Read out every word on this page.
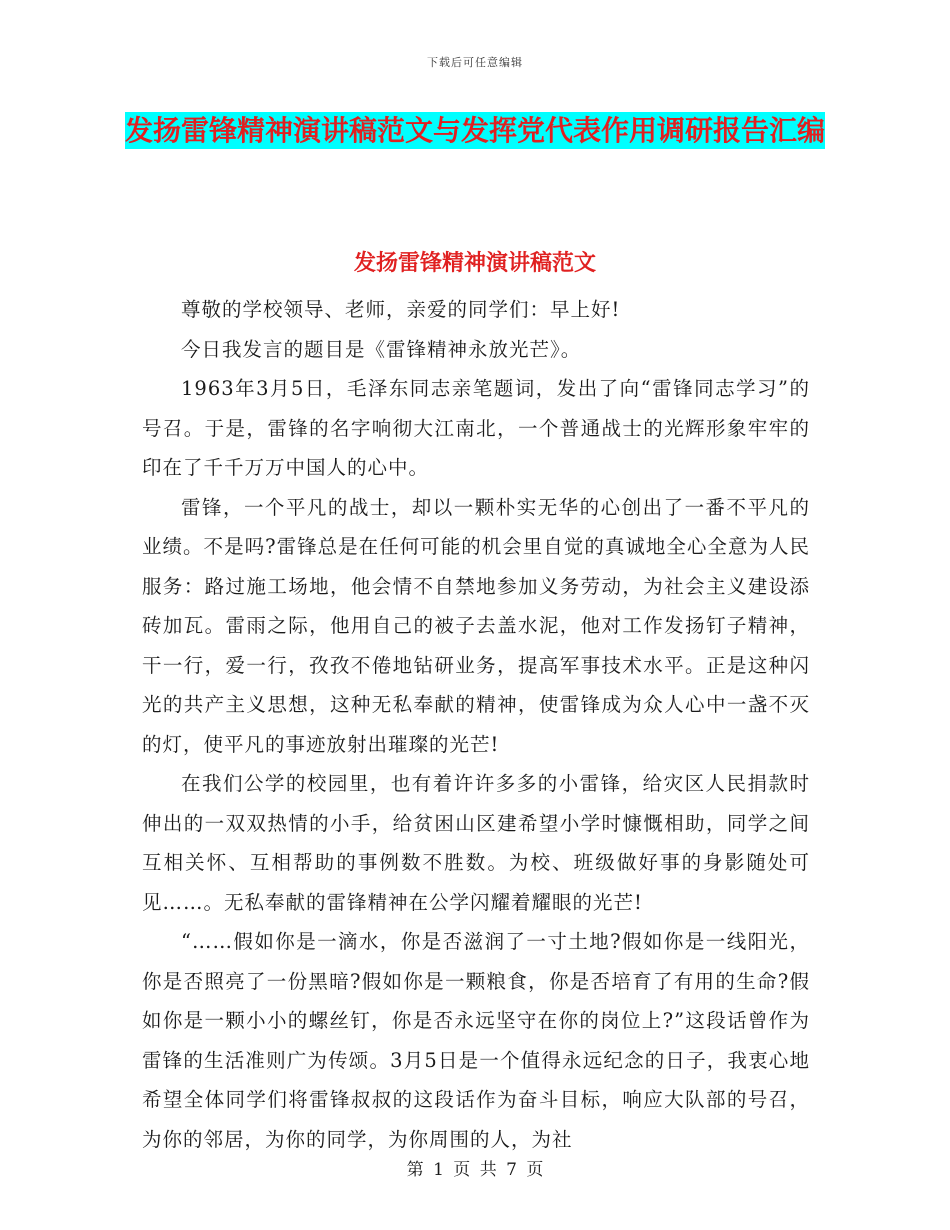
下载后可任意编辑
发扬雷锋精神演讲稿范文与发挥党代表作用调研报告汇编
发扬雷锋精神演讲稿范文

尊敬的学校领导、老师，亲爱的同学们：早上好!

今日我发言的题目是《雷锋精神永放光芒》。

1963年3月5日，毛泽东同志亲笔题词，发出了向“雷锋同志学习”的号召。于是，雷锋的名字响彻大江南北，一个普通战士的光辉形象牢牢的印在了千千万万中国人的心中。

雷锋，一个平凡的战士，却以一颗朴实无华的心创出了一番不平凡的业绩。不是吗?雷锋总是在任何可能的机会里自觉的真诚地全心全意为人民服务：路过施工场地，他会情不自禁地参加义务劳动，为社会主义建设添砖加瓦。雷雨之际，他用自己的被子去盖水泥，他对工作发扬钉子精神，干一行，爱一行，孜孜不倦地钻研业务，提高军事技术水平。正是这种闪光的共产主义思想，这种无私奉献的精神，使雷锋成为众人心中一盏不灭的灯，使平凡的事迹放射出璀璨的光芒!

在我们公学的校园里，也有着许许多多的小雷锋，给灾区人民捐款时伸出的一双双热情的小手，给贫困山区建希望小学时慷慨相助，同学之间互相关怀、互相帮助的事例数不胜数。为校、班级做好事的身影随处可见……。无私奉献的雷锋精神在公学闪耀着耀眼的光芒!

“……假如你是一滴水，你是否滋润了一寸土地?假如你是一线阳光，你是否照亮了一份黑暗?假如你是一颗粮食，你是否培育了有用的生命?假如你是一颗小小的螺丝钉，你是否永远坚守在你的岗位上?”这段话曾作为雷锋的生活准则广为传颂。3月5日是一个值得永远纪念的日子，我衷心地希望全体同学们将雷锋叔叔的这段话作为奋斗目标，响应大队部的号召，为你的邻居，为你的同学，为你周围的人，为社

第 1 页 共 7 页
